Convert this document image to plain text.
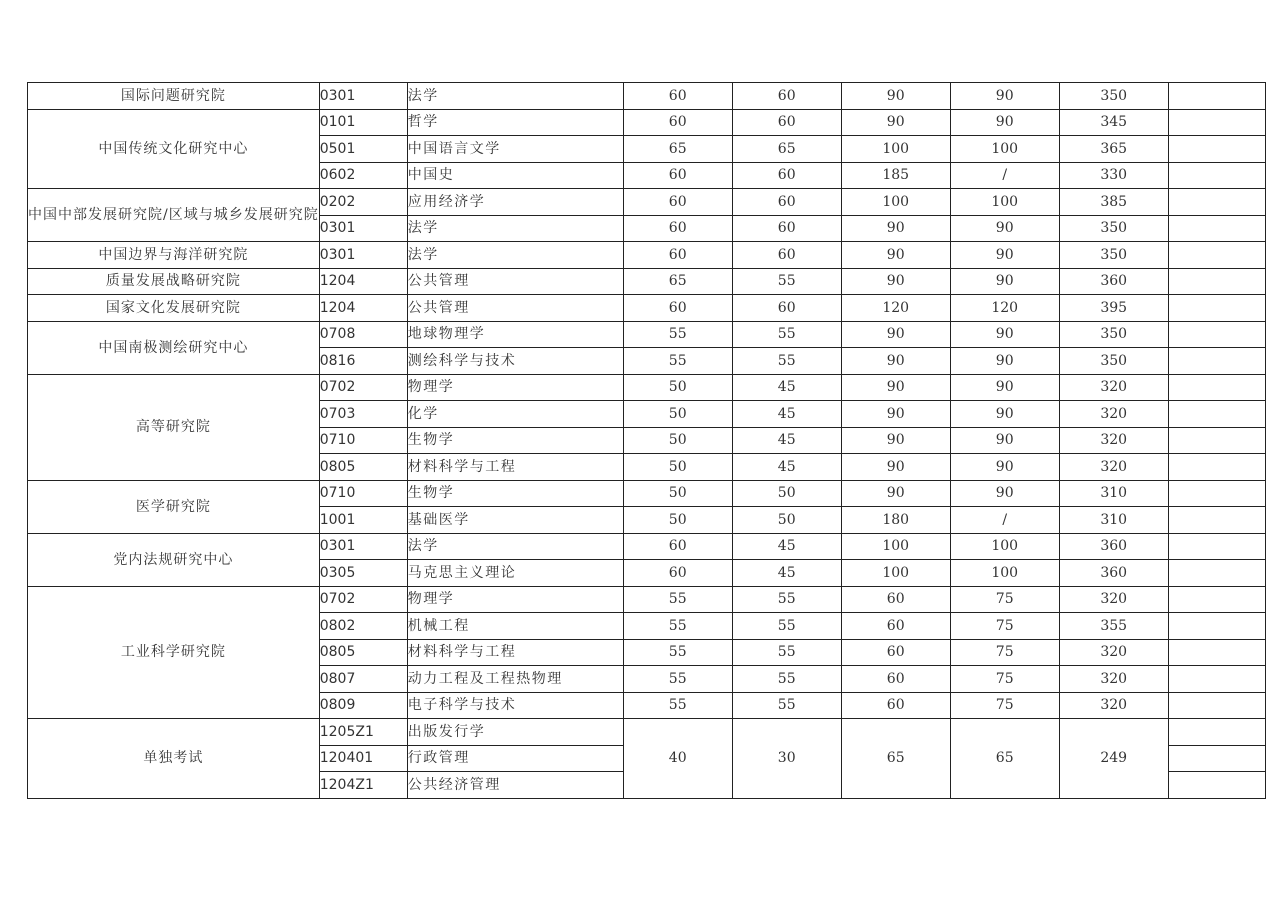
国际问题研究院	0301	法学	60	60	90	90	350	
中国传统文化研究中心	0101	哲学	60	60	90	90	345	
	0501	中国语言文学	65	65	100	100	365	
	0602	中国史	60	60	185	/	330	
中国中部发展研究院/区域与城乡发展研究院	0202	应用经济学	60	60	100	100	385	
	0301	法学	60	60	90	90	350	
中国边界与海洋研究院	0301	法学	60	60	90	90	350	
质量发展战略研究院	1204	公共管理	65	55	90	90	360	
国家文化发展研究院	1204	公共管理	60	60	120	120	395	
中国南极测绘研究中心	0708	地球物理学	55	55	90	90	350	
	0816	测绘科学与技术	55	55	90	90	350	
高等研究院	0702	物理学	50	45	90	90	320	
	0703	化学	50	45	90	90	320	
	0710	生物学	50	45	90	90	320	
	0805	材料科学与工程	50	45	90	90	320	
医学研究院	0710	生物学	50	50	90	90	310	
	1001	基础医学	50	50	180	/	310	
党内法规研究中心	0301	法学	60	45	100	100	360	
	0305	马克思主义理论	60	45	100	100	360	
工业科学研究院	0702	物理学	55	55	60	75	320	
	0802	机械工程	55	55	60	75	355	
	0805	材料科学与工程	55	55	60	75	320	
	0807	动力工程及工程热物理	55	55	60	75	320	
	0809	电子科学与技术	55	55	60	75	320	
单独考试	1205Z1	出版发行学	40	30	65	65	249	
	120401	行政管理						
	1204Z1	公共经济管理						
